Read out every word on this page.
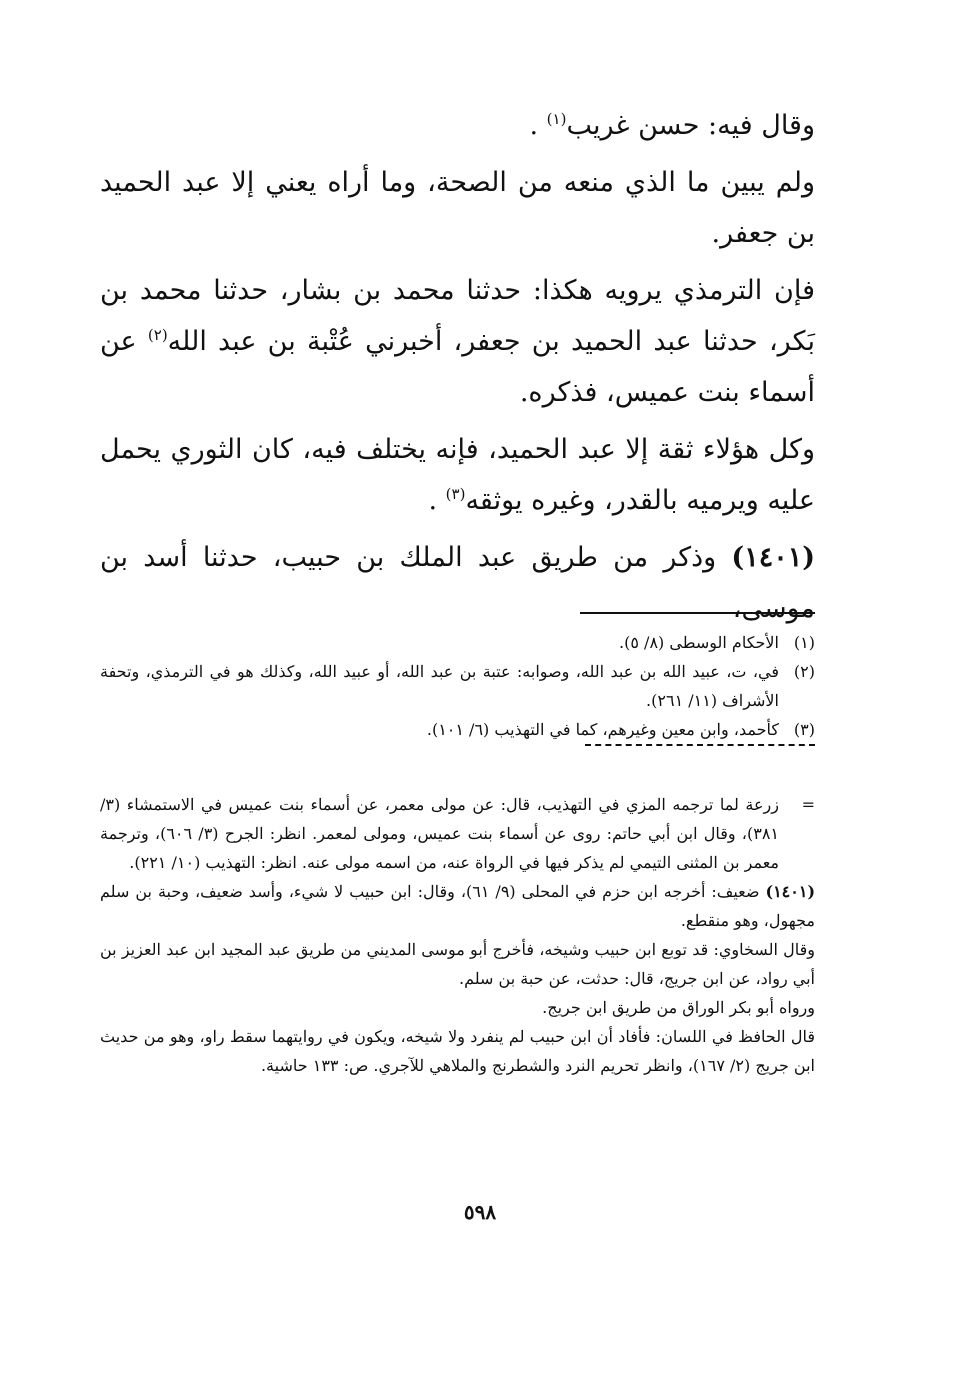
وقال فيه: حسن غريب$^{(١)}$ .

ولم يبين ما الذي منعه من الصحة، وما أراه يعني إلا عبد الحميد بن جعفر.

فإن الترمذي يرويه هكذا: حدثنا محمد بن بشار، حدثنا محمد بن بَكر، حدثنا عبد الحميد بن جعفر، أخبرني عُتْبة بن عبد الله$^{(٢)}$ عن أسماء بنت عميس، فذكره.

وكل هؤلاء ثقة إلا عبد الحميد، فإنه يختلف فيه، كان الثوري يحمل عليه ويرميه بالقدر، وغيره يوثقه$^{(٣)}$ .

(١٤٠١) وذكر من طريق عبد الملك بن حبيب، حدثنا أسد بن موسى،

(١)
الأحكام الوسطى (٨/ ٥).

(٢)
في، ت، عبيد الله بن عبد الله، وصوابه: عتبة بن عبد الله، أو عبيد الله، وكذلك هو في الترمذي، وتحفة الأشراف (١١/ ٢٦١).

(٣)
كأحمد، وابن معين وغيرهم، كما في التهذيب (٦/ ١٠١).

=
زرعة لما ترجمه المزي في التهذيب، قال: عن مولى معمر، عن أسماء بنت عميس في الاستمشاء (٣/ ٣٨١)، وقال ابن أبي حاتم: روى عن أسماء بنت عميس، ومولى لمعمر. انظر: الجرح (٣/ ٦٠٦)، وترجمة معمر بن المثنى التيمي لم يذكر فيها في الرواة عنه، من اسمه مولى عنه. انظر: التهذيب (١٠/ ٢٢١).

(١٤٠١) ضعيف: أخرجه ابن حزم في المحلى (٩/ ٦١)، وقال: ابن حبيب لا شيء، وأسد ضعيف، وحبة بن سلم مجهول، وهو منقطع.

وقال السخاوي: قد توبع ابن حبيب وشيخه، فأخرج أبو موسى المديني من طريق عبد المجيد ابن عبد العزيز بن أبي رواد، عن ابن جريج، قال: حدثت، عن حبة بن سلم.

ورواه أبو بكر الوراق من طريق ابن جريج.

قال الحافظ في اللسان: فأفاد أن ابن حبيب لم ينفرد ولا شيخه، ويكون في روايتهما سقط راو، وهو من حديث ابن جريج (٢/ ١٦٧)، وانظر تحريم النرد والشطرنج والملاهي للآجري. ص: ١٣٣ حاشية.

٥٩٨
